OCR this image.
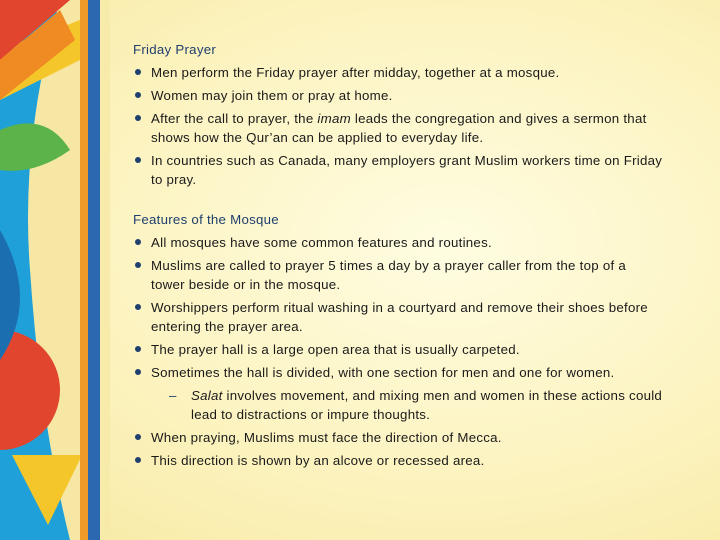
Friday Prayer

Men perform the Friday prayer after midday, together at a mosque.
Women may join them or pray at home.
After the call to prayer, the imam leads the congregation and gives a sermon that shows how the Qur’an can be applied to everyday life.
In countries such as Canada, many employers grant Muslim workers time on Friday to pray.

Features of the Mosque

All mosques have some common features and routines.
Muslims are called to prayer 5 times a day by a prayer caller from the top of a tower beside or in the mosque.
Worshippers perform ritual washing in a courtyard and remove their shoes before entering the prayer area.
The prayer hall is a large open area that is usually carpeted.
Sometimes the hall is divided, with one section for men and one for women.
– Salat involves movement, and mixing men and women in these actions could lead to distractions or impure thoughts.
When praying, Muslims must face the direction of Mecca.
This direction is shown by an alcove or recessed area.
